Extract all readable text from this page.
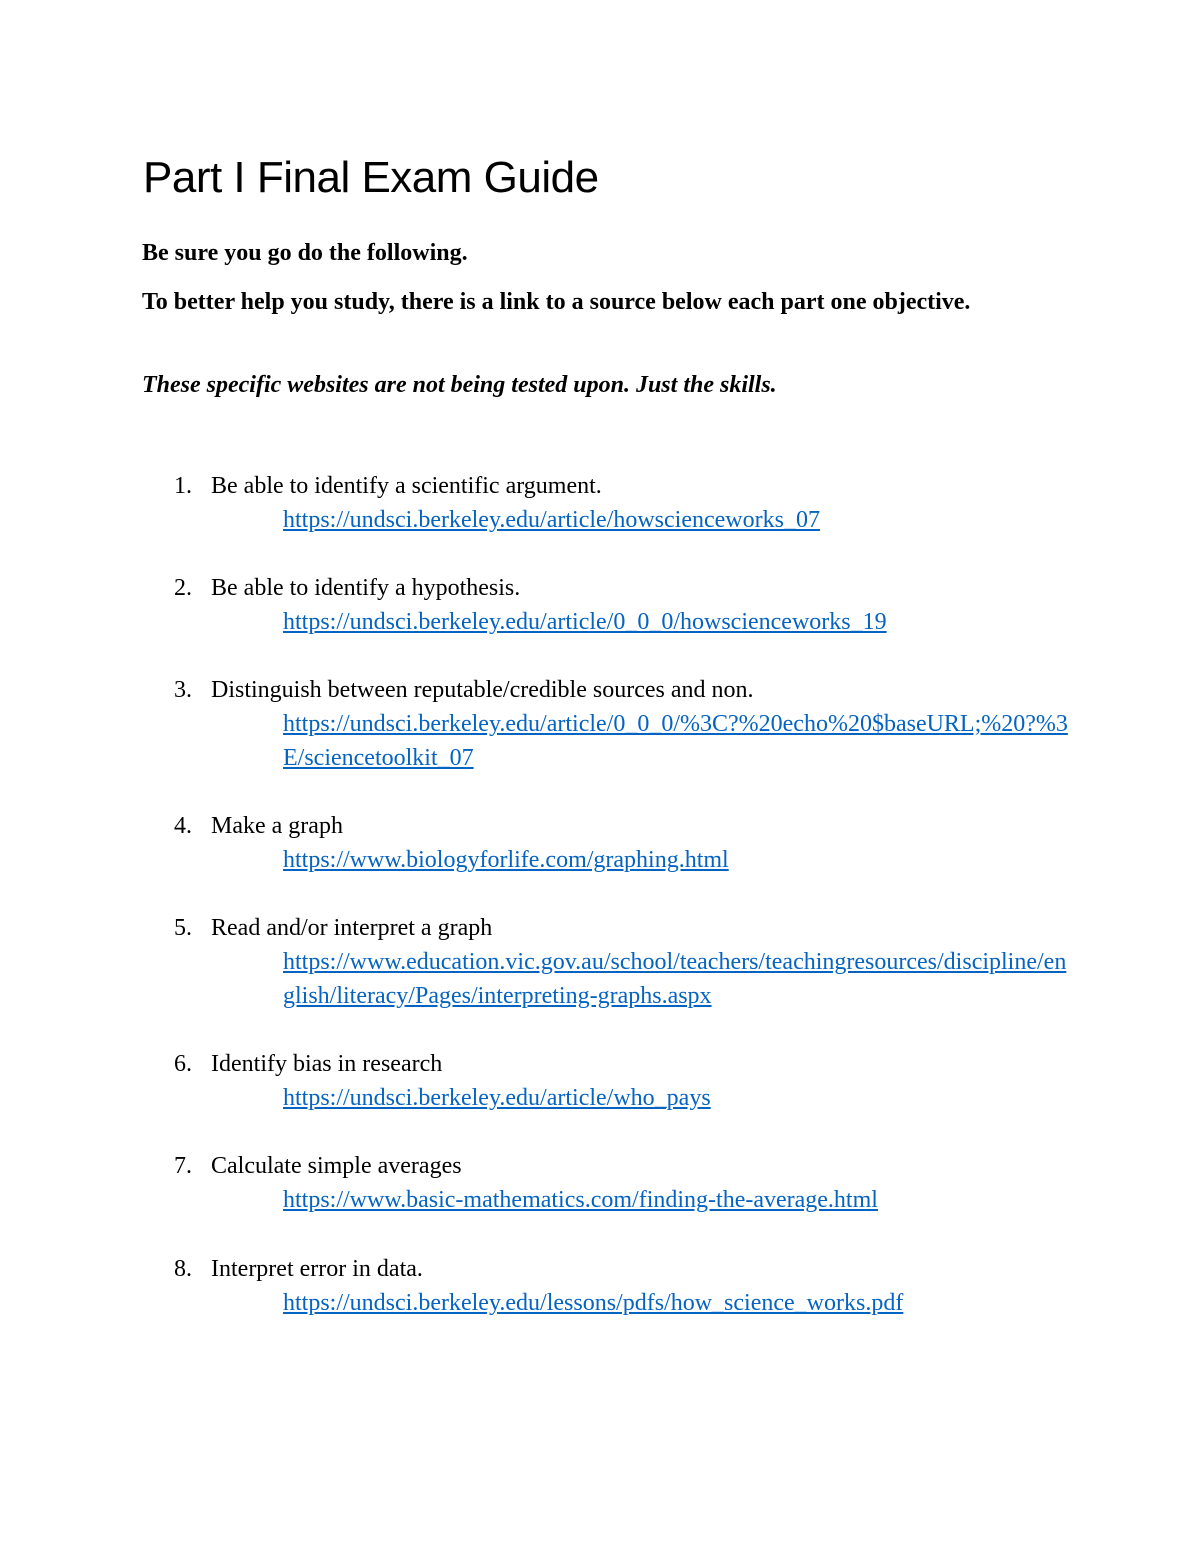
Part I Final Exam Guide

Be sure you go do the following.

To better help you study, there is a link to a source below each part one objective.

These specific websites are not being tested upon. Just the skills.

1. Be able to identify a scientific argument.
https://undsci.berkeley.edu/article/howscienceworks_07
2. Be able to identify a hypothesis.
https://undsci.berkeley.edu/article/0_0_0/howscienceworks_19
3. Distinguish between reputable/credible sources and non.
https://undsci.berkeley.edu/article/0_0_0/%3C?%20echo%20$baseURL;%20?%3E/sciencetoolkit_07
4. Make a graph
https://www.biologyforlife.com/graphing.html
5. Read and/or interpret a graph
https://www.education.vic.gov.au/school/teachers/teachingresources/discipline/english/literacy/Pages/interpreting-graphs.aspx
6. Identify bias in research
https://undsci.berkeley.edu/article/who_pays
7. Calculate simple averages
https://www.basic-mathematics.com/finding-the-average.html
8. Interpret error in data.
https://undsci.berkeley.edu/lessons/pdfs/how_science_works.pdf
